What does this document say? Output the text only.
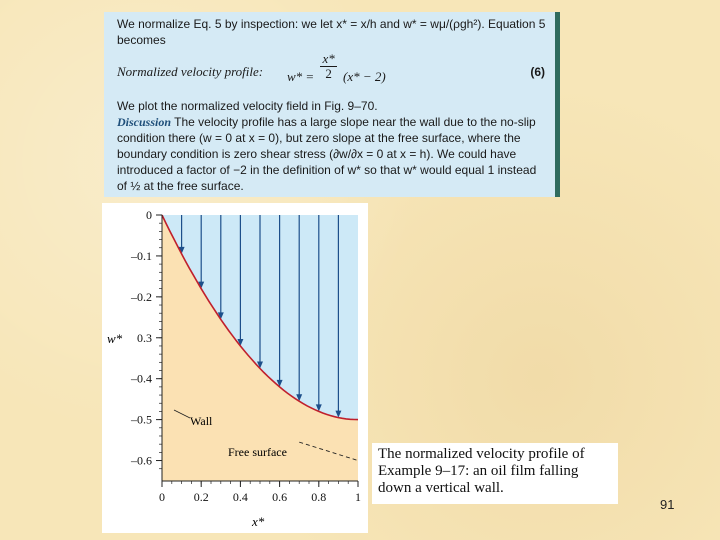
We normalize Eq. 5 by inspection: we let x* = x/h and w* = wμ/(ρgh²). Equation 5 becomes

Normalized velocity profile: $w* = \frac{x*}{2} (x* - 2)$	(6)

We plot the normalized velocity field in Fig. 9–70.

Discussion The velocity profile has a large slope near the wall due to the no-slip condition there (w = 0 at x = 0), but zero slope at the free surface, where the boundary condition is zero shear stress (∂w/∂x = 0 at x = h). We could have introduced a factor of −2 in the definition of w* so that w* would equal 1 instead of ½ at the free surface.

0
–0.1
–0.2
0.3
–0.4
–0.5
–0.6
0 0.2 0.4 0.6 0.8 1
w*
x*
Wall
Free surface	The normalized velocity profile of Example 9–17: an oil film falling down a vertical wall.
91
